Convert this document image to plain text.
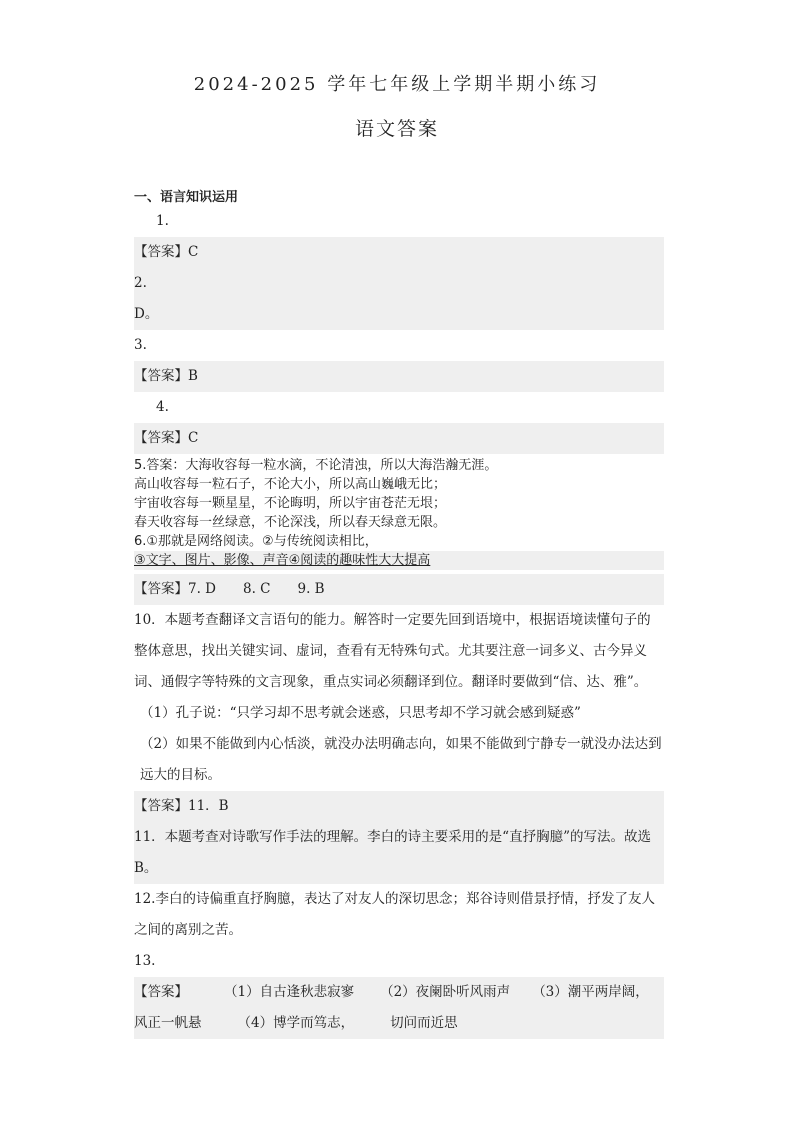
2024-2025 学年七年级上学期半期小练习
语文答案
一、语言知识运用
1.
【答案】C
2.
D。
3.
【答案】B
4.
【答案】C
5.答案：大海收容每一粒水滴，不论清浊，所以大海浩瀚无涯。
高山收容每一粒石子，不论大小，所以高山巍峨无比；
宇宙收容每一颗星星，不论晦明，所以宇宙苍茫无垠；
春天收容每一丝绿意，不论深浅，所以春天绿意无限。
6.①那就是网络阅读。②与传统阅读相比，
③文字、图片、影像、声音④阅读的趣味性大大提高
【答案】7. D　　8. C　　9. B
10．本题考查翻译文言语句的能力。解答时一定要先回到语境中，根据语境读懂句子的整体意思，找出关键实词、虚词，查看有无特殊句式。尤其要注意一词多义、古今异义词、通假字等特殊的文言现象，重点实词必须翻译到位。翻译时要做到“信、达、雅”。
（1）孔子说：“只学习却不思考就会迷惑，只思考却不学习就会感到疑惑”
（2）如果不能做到内心恬淡，就没办法明确志向，如果不能做到宁静专一就没办法达到远大的目标。
【答案】11．B
11．本题考查对诗歌写作手法的理解。李白的诗主要采用的是“直抒胸臆”的写法。故选B。
12.李白的诗偏重直抒胸臆，表达了对友人的深切思念；郑谷诗则借景抒情，抒发了友人之间的离别之苦。
13.
【答案】	（1）自古逢秋悲寂寥 （2）夜阑卧听风雨声 （3）潮平两岸阔，
风正一帆悬	（4）博学而笃志，	切问而近思
